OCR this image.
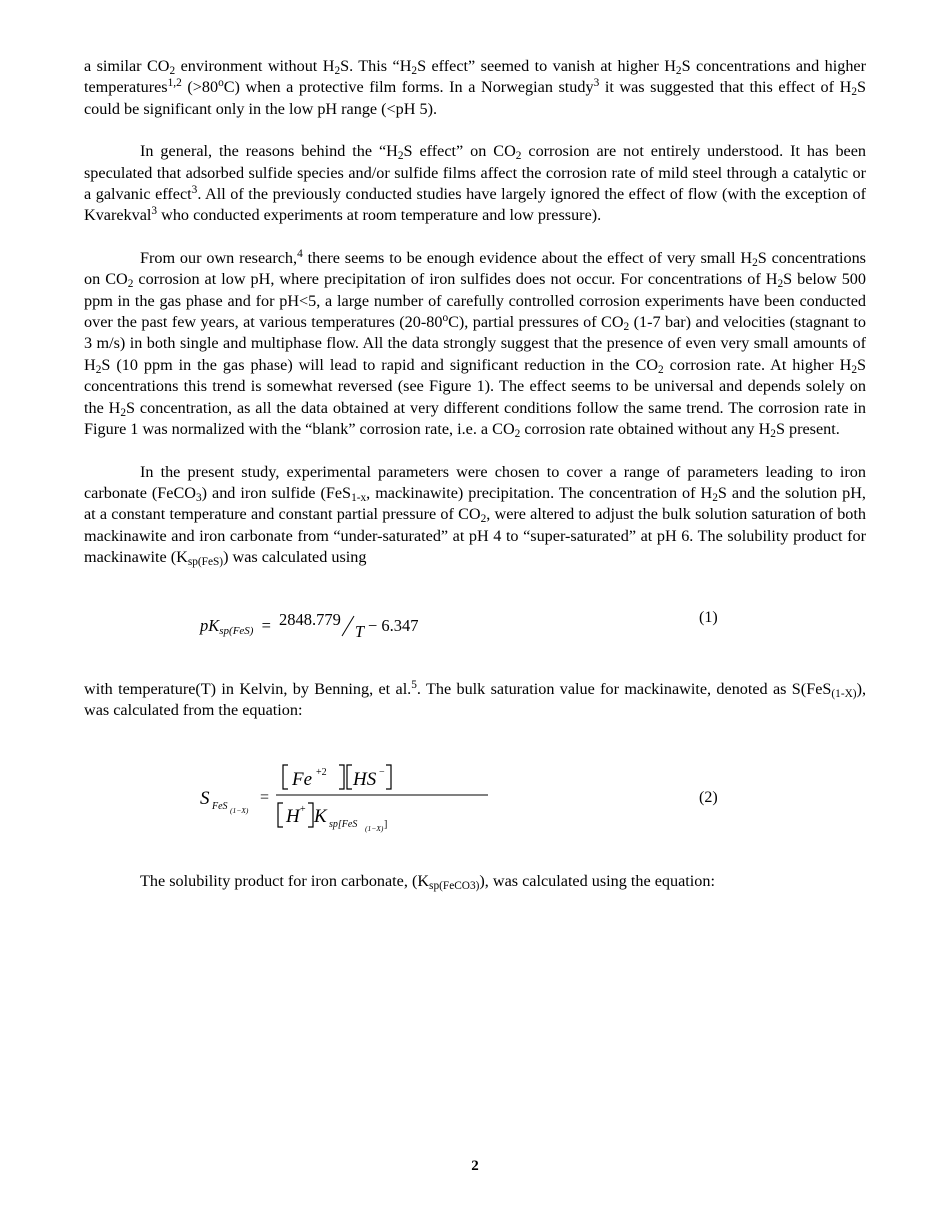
a similar $CO_2$ environment without $H_2S$. This “$H_2S$ effect” seemed to vanish at higher $H_2S$ concentrations and higher temperatures$^{1,2}$ $(>80^oC)$ when a protective film forms. In a Norwegian study$^3$ it was suggested that this effect of $H_2S$ could be significant only in the low pH range (<pH 5).

In general, the reasons behind the “$H_2S$ effect” on $CO_2$ corrosion are not entirely understood. It has been speculated that adsorbed sulfide species and/or sulfide films affect the corrosion rate of mild steel through a catalytic or a galvanic effect$^3$. All of the previously conducted studies have largely ignored the effect of flow (with the exception of Kvarekval$^3$ who conducted experiments at room temperature and low pressure).

From our own research,$^4$ there seems to be enough evidence about the effect of very small $H_2S$ concentrations on $CO_2$ corrosion at low pH, where precipitation of iron sulfides does not occur. For concentrations of $H_2S$ below 500 ppm in the gas phase and for pH<5, a large number of carefully controlled corrosion experiments have been conducted over the past few years, at various temperatures (20-80$^o$C), partial pressures of $CO_2$ (1-7 bar) and velocities (stagnant to 3 m/s) in both single and multiphase flow. All the data strongly suggest that the presence of even very small amounts of $H_2S$ (10 ppm in the gas phase) will lead to rapid and significant reduction in the $CO_2$ corrosion rate. At higher $H_2S$ concentrations this trend is somewhat reversed (see Figure 1). The effect seems to be universal and depends solely on the $H_2S$ concentration, as all the data obtained at very different conditions follow the same trend. The corrosion rate in Figure 1 was normalized with the “blank” corrosion rate, i.e. a $CO_2$ corrosion rate obtained without any $H_2S$ present.

In the present study, experimental parameters were chosen to cover a range of parameters leading to iron carbonate (FeCO$_3$) and iron sulfide (FeS$_{1-x}$, mackinawite) precipitation. The concentration of $H_2S$ and the solution pH, at a constant temperature and constant partial pressure of $CO_2$, were altered to adjust the bulk solution saturation of both mackinawite and iron carbonate from “under-saturated” at pH 4 to “super-saturated” at pH 6. The solubility product for mackinawite $(K_{sp(FeS)})$ was calculated using

$pK_{sp(FeS)} = 2848.779T - 6.347$	(1)

with temperature(T) in Kelvin, by Benning, et al.$^5$. The bulk saturation value for mackinawite, denoted as S(FeS$_{(1-X)}$), was calculated from the equation:

S FeS (1−X)
=
Fe +2 HS −
H + K sp[FeS (1−X) ]
(2)

The solubility product for iron carbonate, $(K_{sp(FeCO3)})$, was calculated using the equation:

2
